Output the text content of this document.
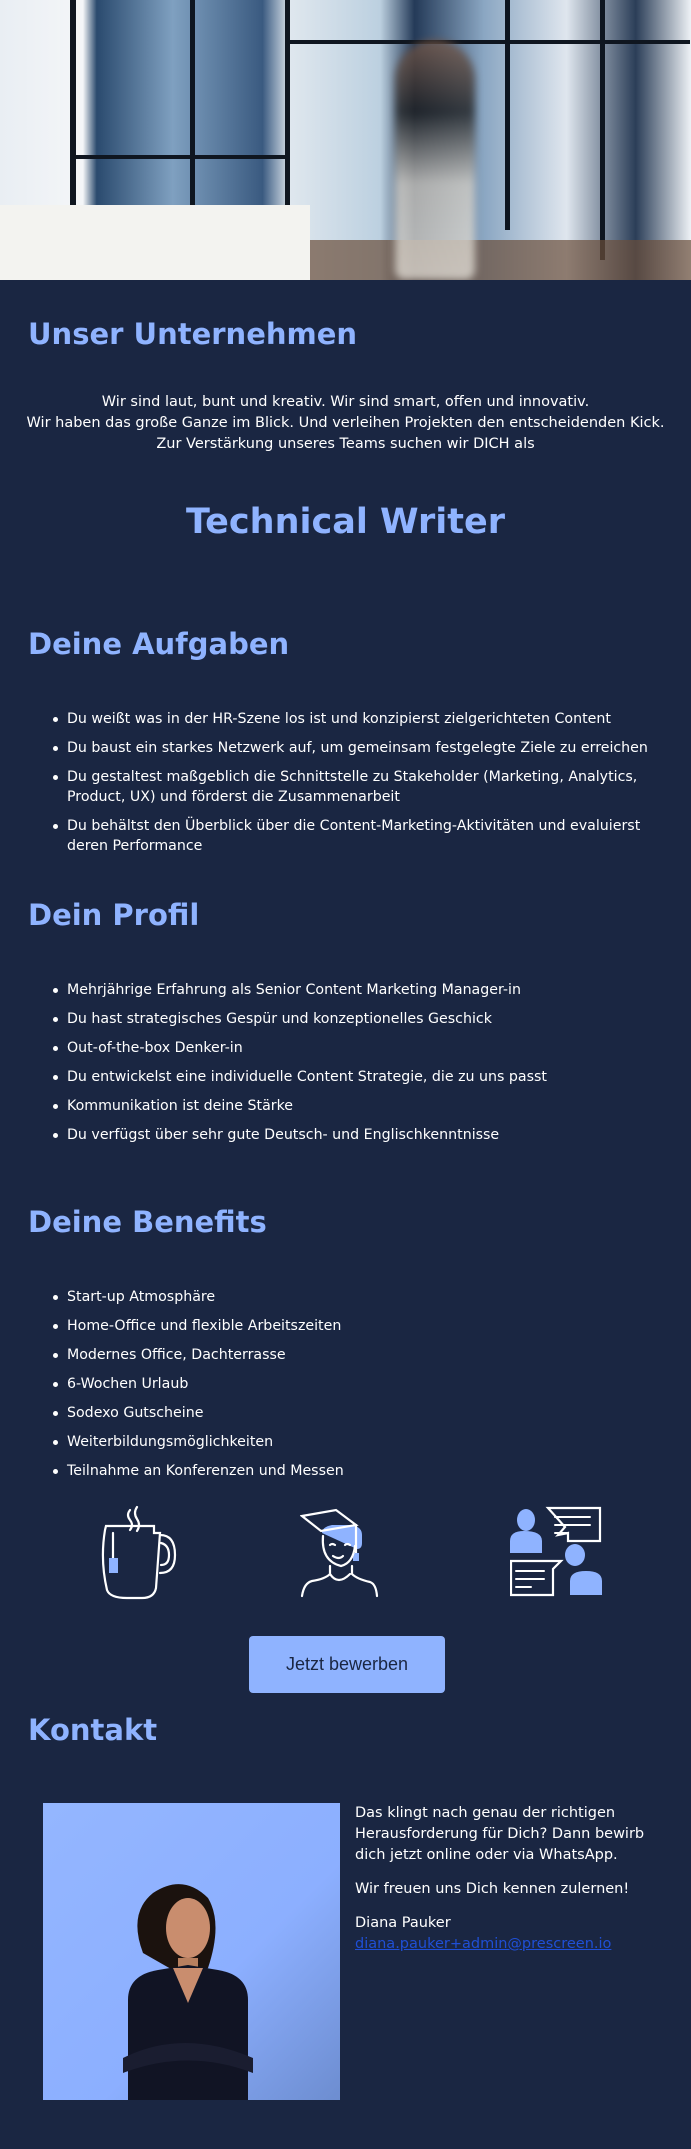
Unser Unternehmen
Wir sind laut, bunt und kreativ. Wir sind smart, offen und innovativ.
Wir haben das große Ganze im Blick. Und verleihen Projekten den entscheidenden Kick.
Zur Verstärkung unseres Teams suchen wir DICH als
Technical Writer
Deine Aufgaben
Du weißt was in der HR-Szene los ist und konzipierst zielgerichteten Content
Du baust ein starkes Netzwerk auf, um gemeinsam festgelegte Ziele zu erreichen
Du gestaltest maßgeblich die Schnittstelle zu Stakeholder (Marketing, Analytics, Product, UX) und förderst die Zusammenarbeit
Du behältst den Überblick über die Content-Marketing-Aktivitäten und evaluierst deren Performance
Dein Profil
Mehrjährige Erfahrung als Senior Content Marketing Manager-in
Du hast strategisches Gespür und konzeptionelles Geschick
Out-of-the-box Denker-in
Du entwickelst eine individuelle Content Strategie, die zu uns passt
Kommunikation ist deine Stärke
Du verfügst über sehr gute Deutsch- und Englischkenntnisse
Deine Benefits
Start-up Atmosphäre
Home-Office und flexible Arbeitszeiten
Modernes Office, Dachterrasse
6-Wochen Urlaub
Sodexo Gutscheine
Weiterbildungsmöglichkeiten
Teilnahme an Konferenzen und Messen
Jetzt bewerben
Kontakt

Das klingt nach genau der richtigen Herausforderung für Dich? Dann bewirb dich jetzt online oder via WhatsApp.

Wir freuen uns Dich kennen zulernen!

Diana Pauker
diana.pauker+admin@prescreen.io
